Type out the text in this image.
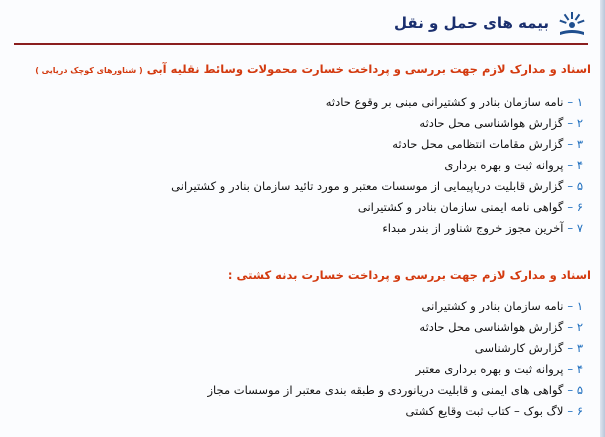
بیمه های حمل و نقل
اسناد و مدارک لازم جهت بررسی و پرداخت خسارت محمولات وسائط نقلیه آبی ( شناورهای کوچک دریایی )
۱ –نامه سازمان بنادر و کشتیرانی مبنی بر وقوع حادثه
۲ –گزارش هواشناسی محل حادثه
۳ –گزارش مقامات انتظامی محل حادثه
۴ –پروانه ثبت و بهره برداری
۵ –گزارش قابلیت دریاپیمایی از موسسات معتبر و مورد تائید سازمان بنادر و کشتیرانی
۶ –گواهی نامه ایمنی سازمان بنادر و کشتیرانی
۷ –آخرین مجوز خروج شناور از بندر مبداء
اسناد و مدارک لازم جهت بررسی و پرداخت خسارت بدنه کشتی :
۱ –نامه سازمان بنادر و کشتیرانی
۲ –گزارش هواشناسی محل حادثه
۳ –گزارش کارشناسی
۴ –پروانه ثبت و بهره برداری معتبر
۵ –گواهی های ایمنی و قابلیت دریانوردی و طبقه بندی معتبر از موسسات مجاز
۶ –لاگ بوک – کتاب ثبت وقایع کشتی
